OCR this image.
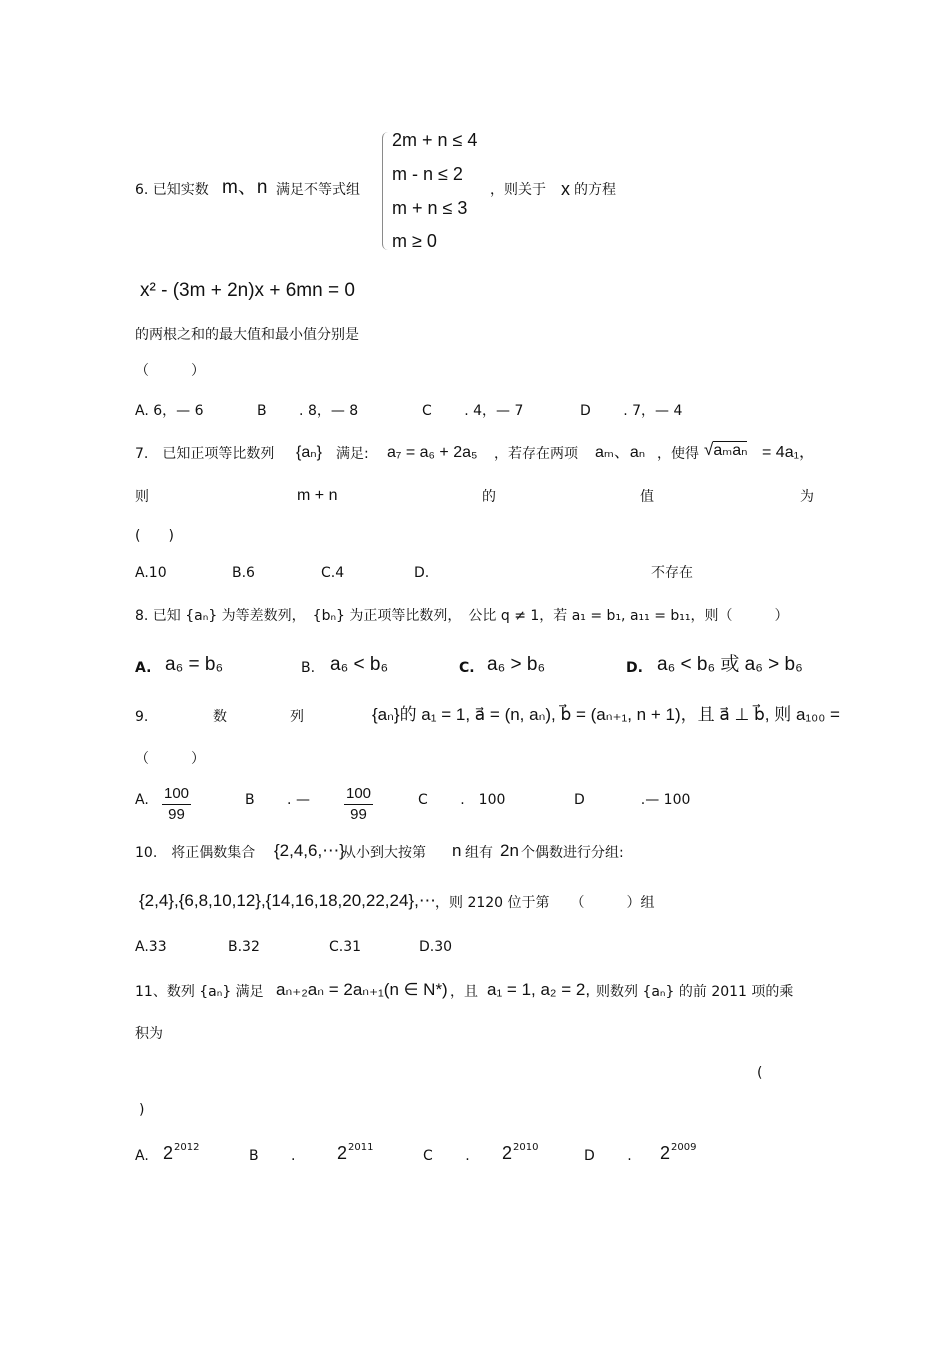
6. 已知实数 m、n 满足不等式组
2m + n ≤ 4
m - n ≤ 2
m + n ≤ 3
m ≥ 0
，则关于 x 的方程
x² - (3m + 2n)x + 6mn = 0
的两根之和的最大值和最小值分别是
（　　　）
A. 6，— 6	B　　 . 8，— 8	C　　 . 4，— 7	D　　 . 7，— 4
7.　已知正项等比数列 {aₙ} 满足: a₇ = a₆ + 2a₅ ，若存在两项 aₘ、aₙ ，使得 √aₘaₙ = 4a₁，
则	m + n	的	值	为
(　　)
A.10	B.6	C.4	D.	不存在
8. 已知 {aₙ} 为等差数列，　{bₙ} 为正项等比数列，　公比 q ≠ 1，若 a₁ = b₁, a₁₁ = b₁₁，则（　　　）
A. a₆ = b₆	B. a₆ < b₆	C. a₆ > b₆	D. a₆ < b₆ 或 a₆ > b₆
9.	数	列	{aₙ}的 a₁ = 1, a⃗ = (n, aₙ), b⃗ = (aₙ₊₁, n + 1)，且 a⃗ ⊥ b⃗, 则 a₁₀₀ =
（　　　）
A. $\frac{100}{99}$	B　　 . — $\frac{100}{99}$	C　　 .　100	D　　　　.— 100
10.　将正偶数集合 {2,4,6,⋯}
从小到大按第 n 组有 2n 个偶数进行分组:
{2,4},{6,8,10,12},{14,16,18,20,22,24},⋯ ，则 2120 位于第　　（　　　）组
A.33	B.32	C.31	D.30
11、数列 {aₙ} 满足 aₙ₊₂aₙ = 2aₙ₊₁(n ∈ N*) ，且 a₁ = 1, a₂ = 2, 则数列 {aₙ} 的前 2011 项的乘
积为
(
)
A. 2 2012
B　　 . 2 2011
C　　 . 2 2010
D　　 . 2 2009
